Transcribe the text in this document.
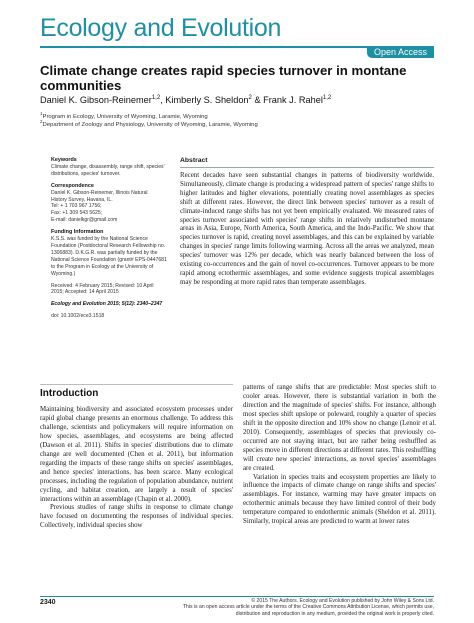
Ecology and Evolution
Open Access
Climate change creates rapid species turnover in montane communities
Daniel K. Gibson-Reinemer$^{1,2}$, Kimberly S. Sheldon$^2$ & Frank J. Rahel$^{1,2}$
$^1$Program in Ecology, University of Wyoming, Laramie, Wyoming
$^2$Department of Zoology and Physiology, University of Wyoming, Laramie, Wyoming
Keywords
Climate change, disassembly, range shift, species' distributions, species' turnover.
Correspondence
Daniel K. Gibson-Reinemer, Illinois Natural
History Survey, Havana, IL.
Tel: + 1 703 967 1756;
Fax: +1 309 543 5625;
E-mail: danielkgr@gmail.com
Funding Information
K.S.S. was funded by the National Science Foundation (Postdoctoral Research Fellowship no. 1306883). D.K.G.R. was partially funded by the National Science Foundation (grant# EPS-0447681 to the Program in Ecology at the University of Wyoming.)
Received: 4 February 2015; Revised: 10 April 2015; Accepted: 14 April 2015
Ecology and Evolution 2015; 5(12): 2340–2347
doi: 10.1002/ece3.1518
Abstract

Recent decades have seen substantial changes in patterns of biodiversity worldwide. Simultaneously, climate change is producing a widespread pattern of species' range shifts to higher latitudes and higher elevations, potentially creating novel assemblages as species shift at different rates. However, the direct link between species' turnover as a result of climate-induced range shifts has not yet been empirically evaluated. We measured rates of species turnover associated with species' range shifts in relatively undisturbed montane areas in Asia, Europe, North America, South America, and the Indo-Pacific. We show that species turnover is rapid, creating novel assemblages, and this can be explained by variable changes in species' range limits following warming. Across all the areas we analyzed, mean species' turnover was 12% per decade, which was nearly balanced between the loss of existing co-occurrences and the gain of novel co-occurrences. Turnover appears to be more rapid among ectothermic assemblages, and some evidence suggests tropical assemblages may be responding at more rapid rates than temperate assemblages.

Introduction

Maintaining biodiversity and associated ecosystem processes under rapid global change presents an enormous challenge. To address this challenge, scientists and policymakers will require information on how species, assemblages, and ecosystems are being affected (Dawson et al. 2011). Shifts in species' distributions due to climate change are well documented (Chen et al. 2011), but information regarding the impacts of these range shifts on species' assemblages, and hence species' interactions, has been scarce. Many ecological processes, including the regulation of population abundance, nutrient cycling, and habitat creation, are largely a result of species' interactions within an assemblage (Chapin et al. 2000).

Previous studies of range shifts in response to climate change have focused on documenting the responses of individual species. Collectively, individual species show

patterns of range shifts that are predictable: Most species shift to cooler areas. However, there is substantial variation in both the direction and the magnitude of species' shifts. For instance, although most species shift upslope or poleward, roughly a quarter of species shift in the opposite direction and 10% show no change (Lenoir et al. 2010). Consequently, assemblages of species that previously co-occurred are not staying intact, but are rather being reshuffled as species move in different directions at different rates. This reshuffling will create new species' interactions, as novel species' assemblages are created.

Variation in species traits and ecosystem properties are likely to influence the impacts of climate change on range shifts and species' assemblages. For instance, warming may have greater impacts on ectothermic animals because they have limited control of their body temperature compared to endothermic animals (Sheldon et al. 2011). Similarly, tropical areas are predicted to warm at lower rates

2340	© 2015 The Authors. Ecology and Evolution published by John Wiley & Sons Ltd.
This is an open access article under the terms of the Creative Commons Attribution License, which permits use,
distribution and reproduction in any medium, provided the original work is properly cited.
